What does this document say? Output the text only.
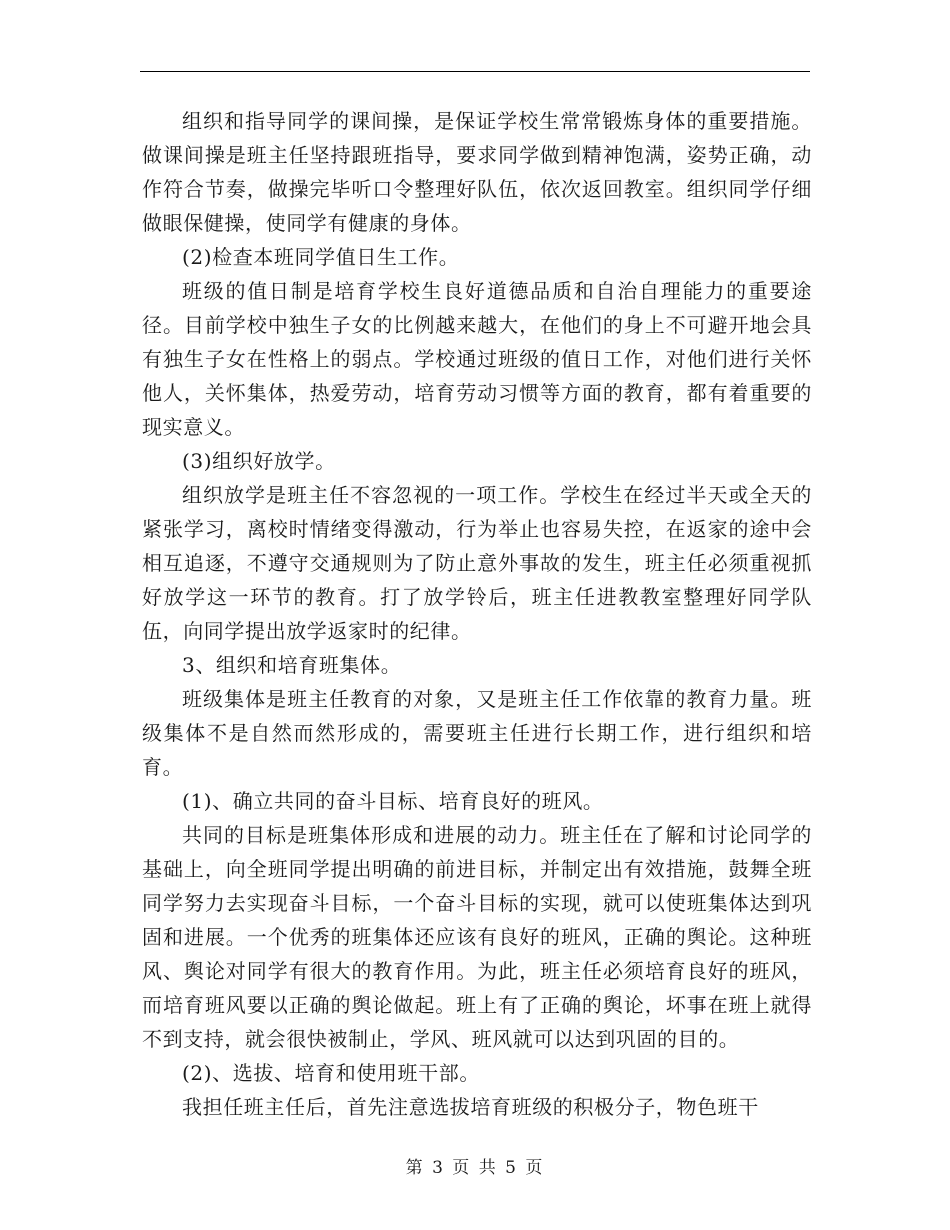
组织和指导同学的课间操，是保证学校生常常锻炼身体的重要措施。做课间操是班主任坚持跟班指导，要求同学做到精神饱满，姿势正确，动作符合节奏，做操完毕听口令整理好队伍，依次返回教室。组织同学仔细做眼保健操，使同学有健康的身体。

(2)检查本班同学值日生工作。

班级的值日制是培育学校生良好道德品质和自治自理能力的重要途径。目前学校中独生子女的比例越来越大，在他们的身上不可避开地会具有独生子女在性格上的弱点。学校通过班级的值日工作，对他们进行关怀他人，关怀集体，热爱劳动，培育劳动习惯等方面的教育，都有着重要的现实意义。

(3)组织好放学。

组织放学是班主任不容忽视的一项工作。学校生在经过半天或全天的紧张学习，离校时情绪变得激动，行为举止也容易失控，在返家的途中会相互追逐，不遵守交通规则为了防止意外事故的发生，班主任必须重视抓好放学这一环节的教育。打了放学铃后，班主任进教教室整理好同学队伍，向同学提出放学返家时的纪律。

3、组织和培育班集体。

班级集体是班主任教育的对象，又是班主任工作依靠的教育力量。班级集体不是自然而然形成的，需要班主任进行长期工作，进行组织和培育。

(1)、确立共同的奋斗目标、培育良好的班风。

共同的目标是班集体形成和进展的动力。班主任在了解和讨论同学的基础上，向全班同学提出明确的前进目标，并制定出有效措施，鼓舞全班同学努力去实现奋斗目标，一个奋斗目标的实现，就可以使班集体达到巩固和进展。一个优秀的班集体还应该有良好的班风，正确的舆论。这种班风、舆论对同学有很大的教育作用。为此，班主任必须培育良好的班风，而培育班风要以正确的舆论做起。班上有了正确的舆论，坏事在班上就得不到支持，就会很快被制止，学风、班风就可以达到巩固的目的。

(2)、选拔、培育和使用班干部。

我担任班主任后，首先注意选拔培育班级的积极分子，物色班干

第 3 页 共 5 页
